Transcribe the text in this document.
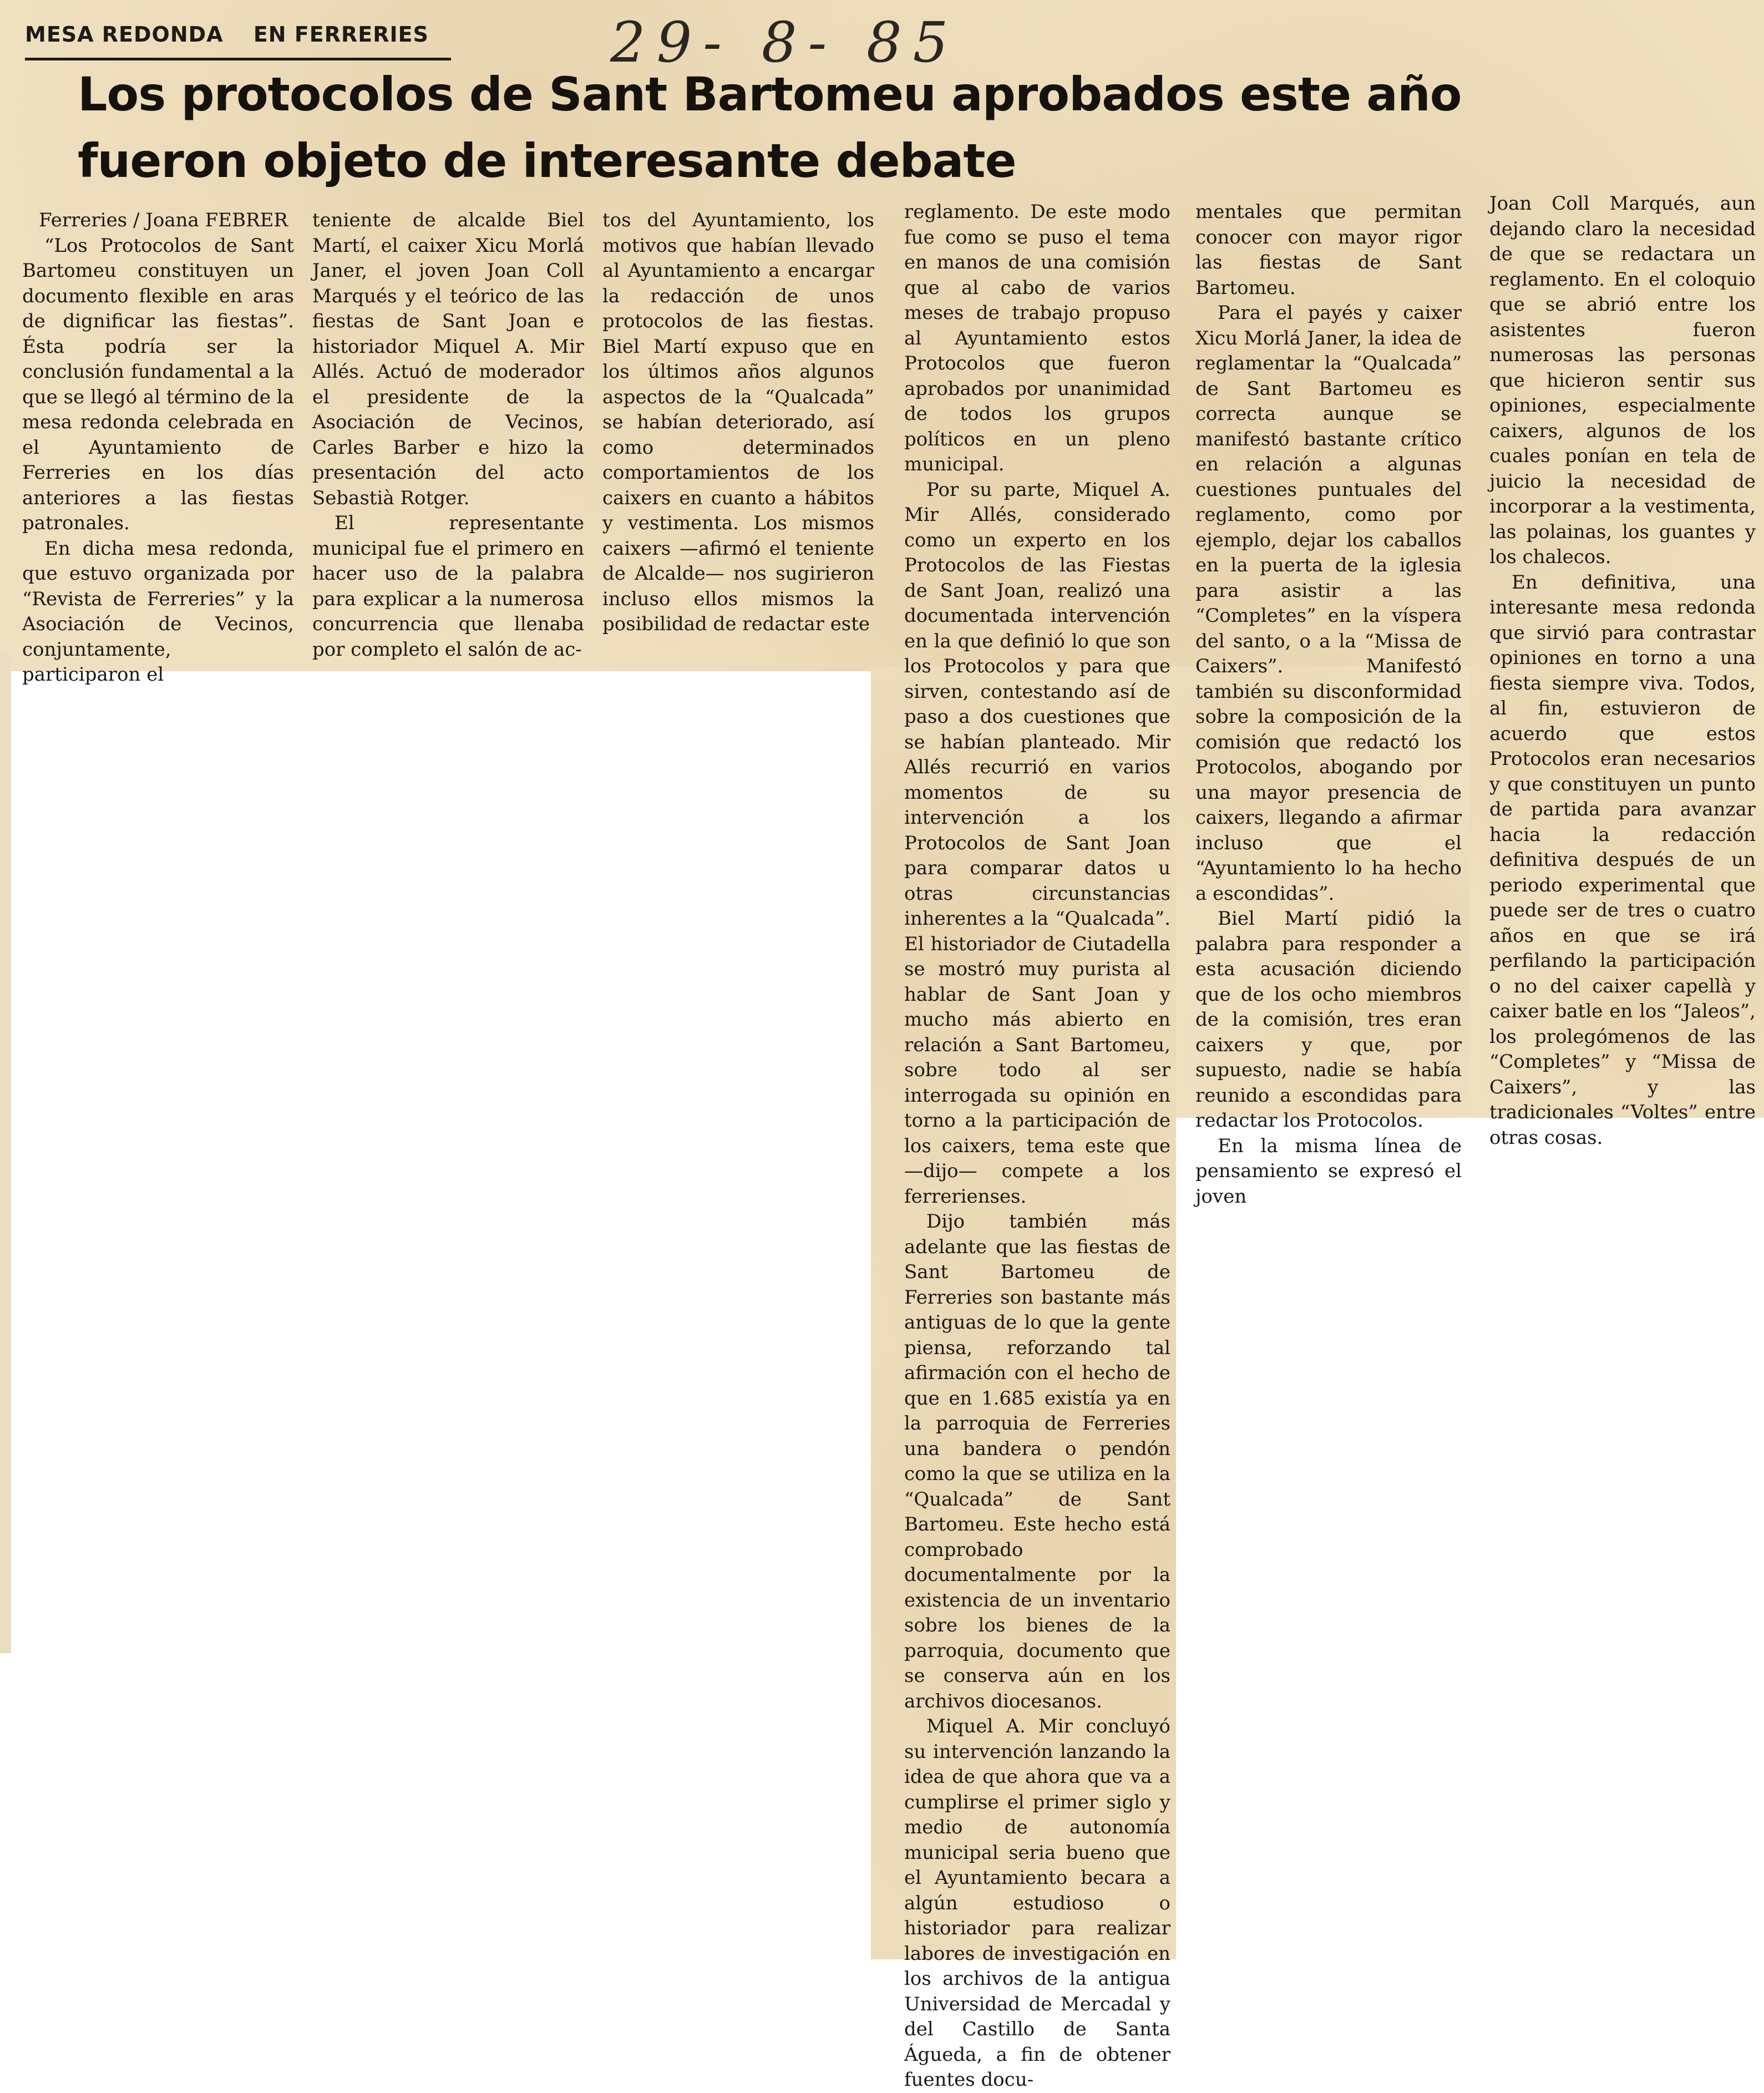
MESA REDONDA EN FERRERIES	29- 8- 85
Los protocolos de Sant Bartomeu aprobados este año fueron objeto de interesante debate

Ferreries / Joana FEBRER

“Los Protocolos de Sant Bartomeu constituyen un documento flexible en aras de dignificar las fiestas”. Ésta podría ser la conclusión fundamental a la que se llegó al término de la mesa redonda celebrada en el Ayuntamiento de Ferreries en los días anteriores a las fiestas patronales.

En dicha mesa redonda, que estuvo organizada por “Revista de Ferreries” y la Asociación de Vecinos, conjuntamente, participaron el

teniente de alcalde Biel Martí, el caixer Xicu Morlá Janer, el joven Joan Coll Marqués y el teórico de las fiestas de Sant Joan e historiador Miquel A. Mir Allés. Actuó de moderador el presidente de la Asociación de Vecinos, Carles Barber e hizo la presentación del acto Sebastià Rotger.

El representante municipal fue el primero en hacer uso de la palabra para explicar a la numerosa concurrencia que llenaba por completo el salón de ac-

tos del Ayuntamiento, los motivos que habían llevado al Ayuntamiento a encargar la redacción de unos protocolos de las fiestas. Biel Martí expuso que en los últimos años algunos aspectos de la “Qualcada” se habían deteriorado, así como determinados comportamientos de los caixers en cuanto a hábitos y vestimenta. Los mismos caixers —afirmó el teniente de Alcalde— nos sugirieron incluso ellos mismos la posibilidad de redactar este

reglamento. De este modo fue como se puso el tema en manos de una comisión que al cabo de varios meses de trabajo propuso al Ayuntamiento estos Protocolos que fueron aprobados por unanimidad de todos los grupos políticos en un pleno municipal.

Por su parte, Miquel A. Mir Allés, considerado como un experto en los Protocolos de las Fiestas de Sant Joan, realizó una documentada intervención en la que definió lo que son los Protocolos y para que sirven, contestando así de paso a dos cuestiones que se habían planteado. Mir Allés recurrió en varios momentos de su intervención a los Protocolos de Sant Joan para comparar datos u otras circunstancias inherentes a la “Qualcada”. El historiador de Ciutadella se mostró muy purista al hablar de Sant Joan y mucho más abierto en relación a Sant Bartomeu, sobre todo al ser interrogada su opinión en torno a la participación de los caixers, tema este que —dijo— compete a los ferrerienses.

Dijo también más adelante que las fiestas de Sant Bartomeu de Ferreries son bastante más antiguas de lo que la gente piensa, reforzando tal afirmación con el hecho de que en 1.685 existía ya en la parroquia de Ferreries una bandera o pendón como la que se utiliza en la “Qualcada” de Sant Bartomeu. Este hecho está comprobado documentalmente por la existencia de un inventario sobre los bienes de la parroquia, documento que se conserva aún en los archivos diocesanos.

Miquel A. Mir concluyó su intervención lanzando la idea de que ahora que va a cumplirse el primer siglo y medio de autonomía municipal seria bueno que el Ayuntamiento becara a algún estudioso o historiador para realizar labores de investigación en los archivos de la antigua Universidad de Mercadal y del Castillo de Santa Águeda, a fin de obtener fuentes docu-

mentales que permitan conocer con mayor rigor las fiestas de Sant Bartomeu.

Para el payés y caixer Xicu Morlá Janer, la idea de reglamentar la “Qualcada” de Sant Bartomeu es correcta aunque se manifestó bastante crítico en relación a algunas cuestiones puntuales del reglamento, como por ejemplo, dejar los caballos en la puerta de la iglesia para asistir a las “Completes” en la víspera del santo, o a la “Missa de Caixers”. Manifestó también su disconformidad sobre la composición de la comisión que redactó los Protocolos, abogando por una mayor presencia de caixers, llegando a afirmar incluso que el “Ayuntamiento lo ha hecho a escondidas”.

Biel Martí pidió la palabra para responder a esta acusación diciendo que de los ocho miembros de la comisión, tres eran caixers y que, por supuesto, nadie se había reunido a escondidas para redactar los Protocolos.

En la misma línea de pensamiento se expresó el joven

Joan Coll Marqués, aun dejando claro la necesidad de que se redactara un reglamento. En el coloquio que se abrió entre los asistentes fueron numerosas las personas que hicieron sentir sus opiniones, especialmente caixers, algunos de los cuales ponían en tela de juicio la necesidad de incorporar a la vestimenta, las polainas, los guantes y los chalecos.

En definitiva, una interesante mesa redonda que sirvió para contrastar opiniones en torno a una fiesta siempre viva. Todos, al fin, estuvieron de acuerdo que estos Protocolos eran necesarios y que constituyen un punto de partida para avanzar hacia la redacción definitiva después de un periodo experimental que puede ser de tres o cuatro años en que se irá perfilando la participación o no del caixer capellà y caixer batle en los “Jaleos”, los prolegómenos de las “Completes” y “Missa de Caixers”, y las tradicionales “Voltes” entre otras cosas.
